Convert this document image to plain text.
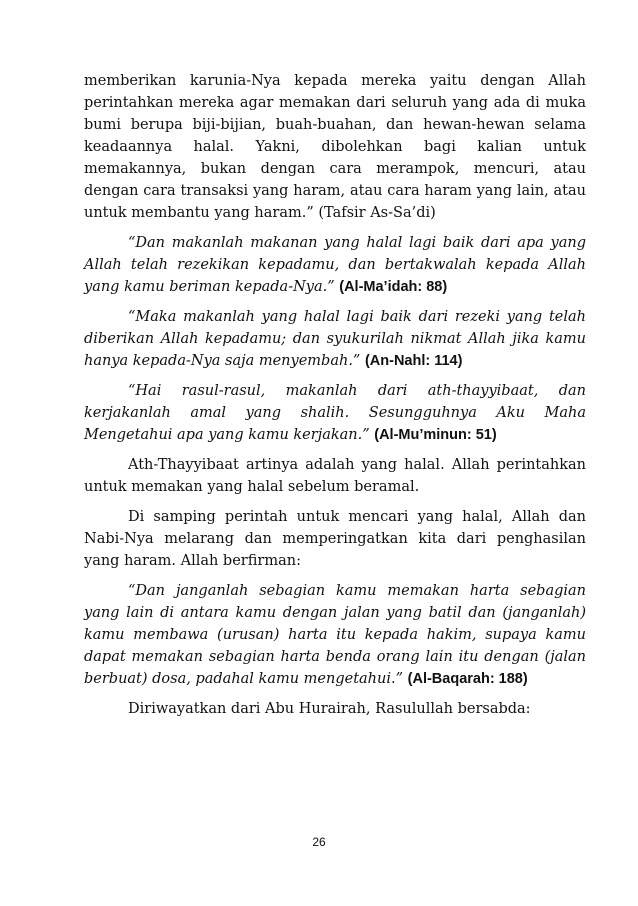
memberikan karunia-Nya kepada mereka yaitu dengan Allah perintahkan mereka agar memakan dari seluruh yang ada di muka bumi berupa biji-bijian, buah-buahan, dan hewan-hewan selama keadaannya halal. Yakni, dibolehkan bagi kalian untuk memakannya, bukan dengan cara merampok, mencuri, atau dengan cara transaksi yang haram, atau cara haram yang lain, atau untuk membantu yang haram.” (Tafsir As-Sa’di)

“Dan makanlah makanan yang halal lagi baik dari apa yang Allah telah rezekikan kepadamu, dan bertakwalah kepada Allah yang kamu beriman kepada-Nya.” (Al-Ma’idah: 88)

“Maka makanlah yang halal lagi baik dari rezeki yang telah diberikan Allah kepadamu; dan syukurilah nikmat Allah jika kamu hanya kepada-Nya saja menyembah.” (An-Nahl: 114)

“Hai rasul-rasul, makanlah dari ath-thayyibaat, dan kerjakanlah amal yang shalih. Sesungguhnya Aku Maha Mengetahui apa yang kamu kerjakan.” (Al-Mu’minun: 51)

Ath-Thayyibaat artinya adalah yang halal. Allah perintahkan untuk memakan yang halal sebelum beramal.

Di samping perintah untuk mencari yang halal, Allah dan Nabi-Nya melarang dan memperingatkan kita dari penghasilan yang haram. Allah berfirman:

“Dan janganlah sebagian kamu memakan harta sebagian yang lain di antara kamu dengan jalan yang batil dan (janganlah) kamu membawa (urusan) harta itu kepada hakim, supaya kamu dapat memakan sebagian harta benda orang lain itu dengan (jalan berbuat) dosa, padahal kamu mengetahui.” (Al-Baqarah: 188)

Diriwayatkan dari Abu Hurairah, Rasulullah bersabda:

26
